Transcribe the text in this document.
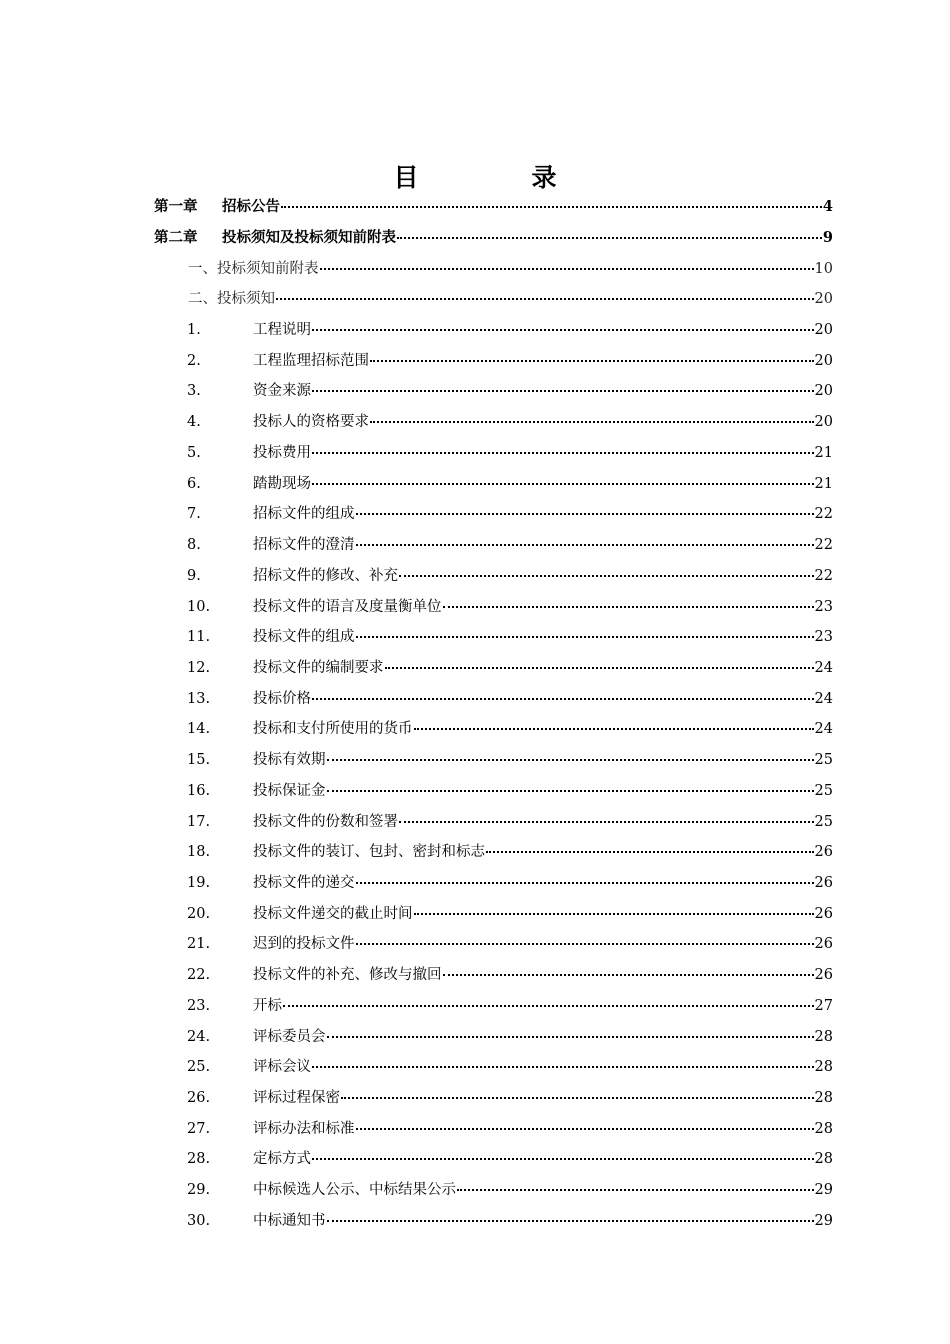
目　录
第一章	招标公告	4
第二章	投标须知及投标须知前附表	9
一、投标须知前附表	10
二、投标须知	20
1.	工程说明	20
2.	工程监理招标范围	20
3.	资金来源	20
4.	投标人的资格要求	20
5.	投标费用	21
6.	踏勘现场	21
7.	招标文件的组成	22
8.	招标文件的澄清	22
9.	招标文件的修改、补充	22
10.	投标文件的语言及度量衡单位	23
11.	投标文件的组成	23
12.	投标文件的编制要求	24
13.	投标价格	24
14.	投标和支付所使用的货币	24
15.	投标有效期	25
16.	投标保证金	25
17.	投标文件的份数和签署	25
18.	投标文件的装订、包封、密封和标志	26
19.	投标文件的递交	26
20.	投标文件递交的截止时间	26
21.	迟到的投标文件	26
22.	投标文件的补充、修改与撤回	26
23.	开标	27
24.	评标委员会	28
25.	评标会议	28
26.	评标过程保密	28
27.	评标办法和标准	28
28.	定标方式	28
29.	中标候选人公示、中标结果公示	29
30.	中标通知书	29
